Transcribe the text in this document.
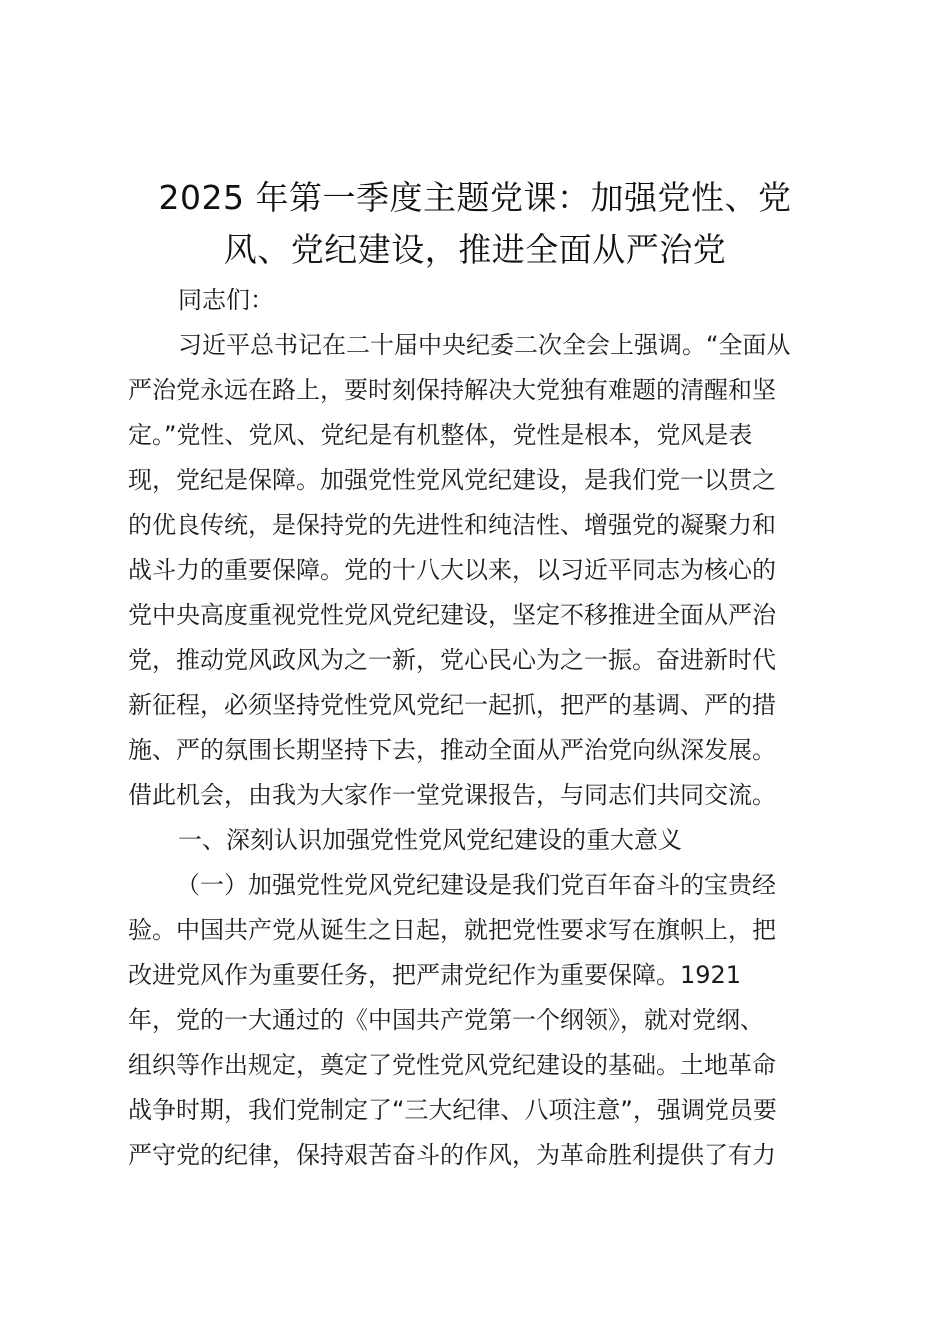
2025 年第一季度主题党课：加强党性、党
风、党纪建设，推进全面从严治党
同志们：
习近平总书记在二十届中央纪委二次全会上强调。“全面从
严治党永远在路上，要时刻保持解决大党独有难题的清醒和坚
定。”党性、党风、党纪是有机整体，党性是根本，党风是表
现，党纪是保障。加强党性党风党纪建设，是我们党一以贯之
的优良传统，是保持党的先进性和纯洁性、增强党的凝聚力和
战斗力的重要保障。党的十八大以来，以习近平同志为核心的
党中央高度重视党性党风党纪建设，坚定不移推进全面从严治
党，推动党风政风为之一新，党心民心为之一振。奋进新时代
新征程，必须坚持党性党风党纪一起抓，把严的基调、严的措
施、严的氛围长期坚持下去，推动全面从严治党向纵深发展。
借此机会，由我为大家作一堂党课报告，与同志们共同交流。
一、深刻认识加强党性党风党纪建设的重大意义
（一）加强党性党风党纪建设是我们党百年奋斗的宝贵经
验。中国共产党从诞生之日起，就把党性要求写在旗帜上，把
改进党风作为重要任务，把严肃党纪作为重要保障。1921
年，党的一大通过的《中国共产党第一个纲领》，就对党纲、
组织等作出规定，奠定了党性党风党纪建设的基础。土地革命
战争时期，我们党制定了“三大纪律、八项注意”，强调党员要
严守党的纪律，保持艰苦奋斗的作风，为革命胜利提供了有力
